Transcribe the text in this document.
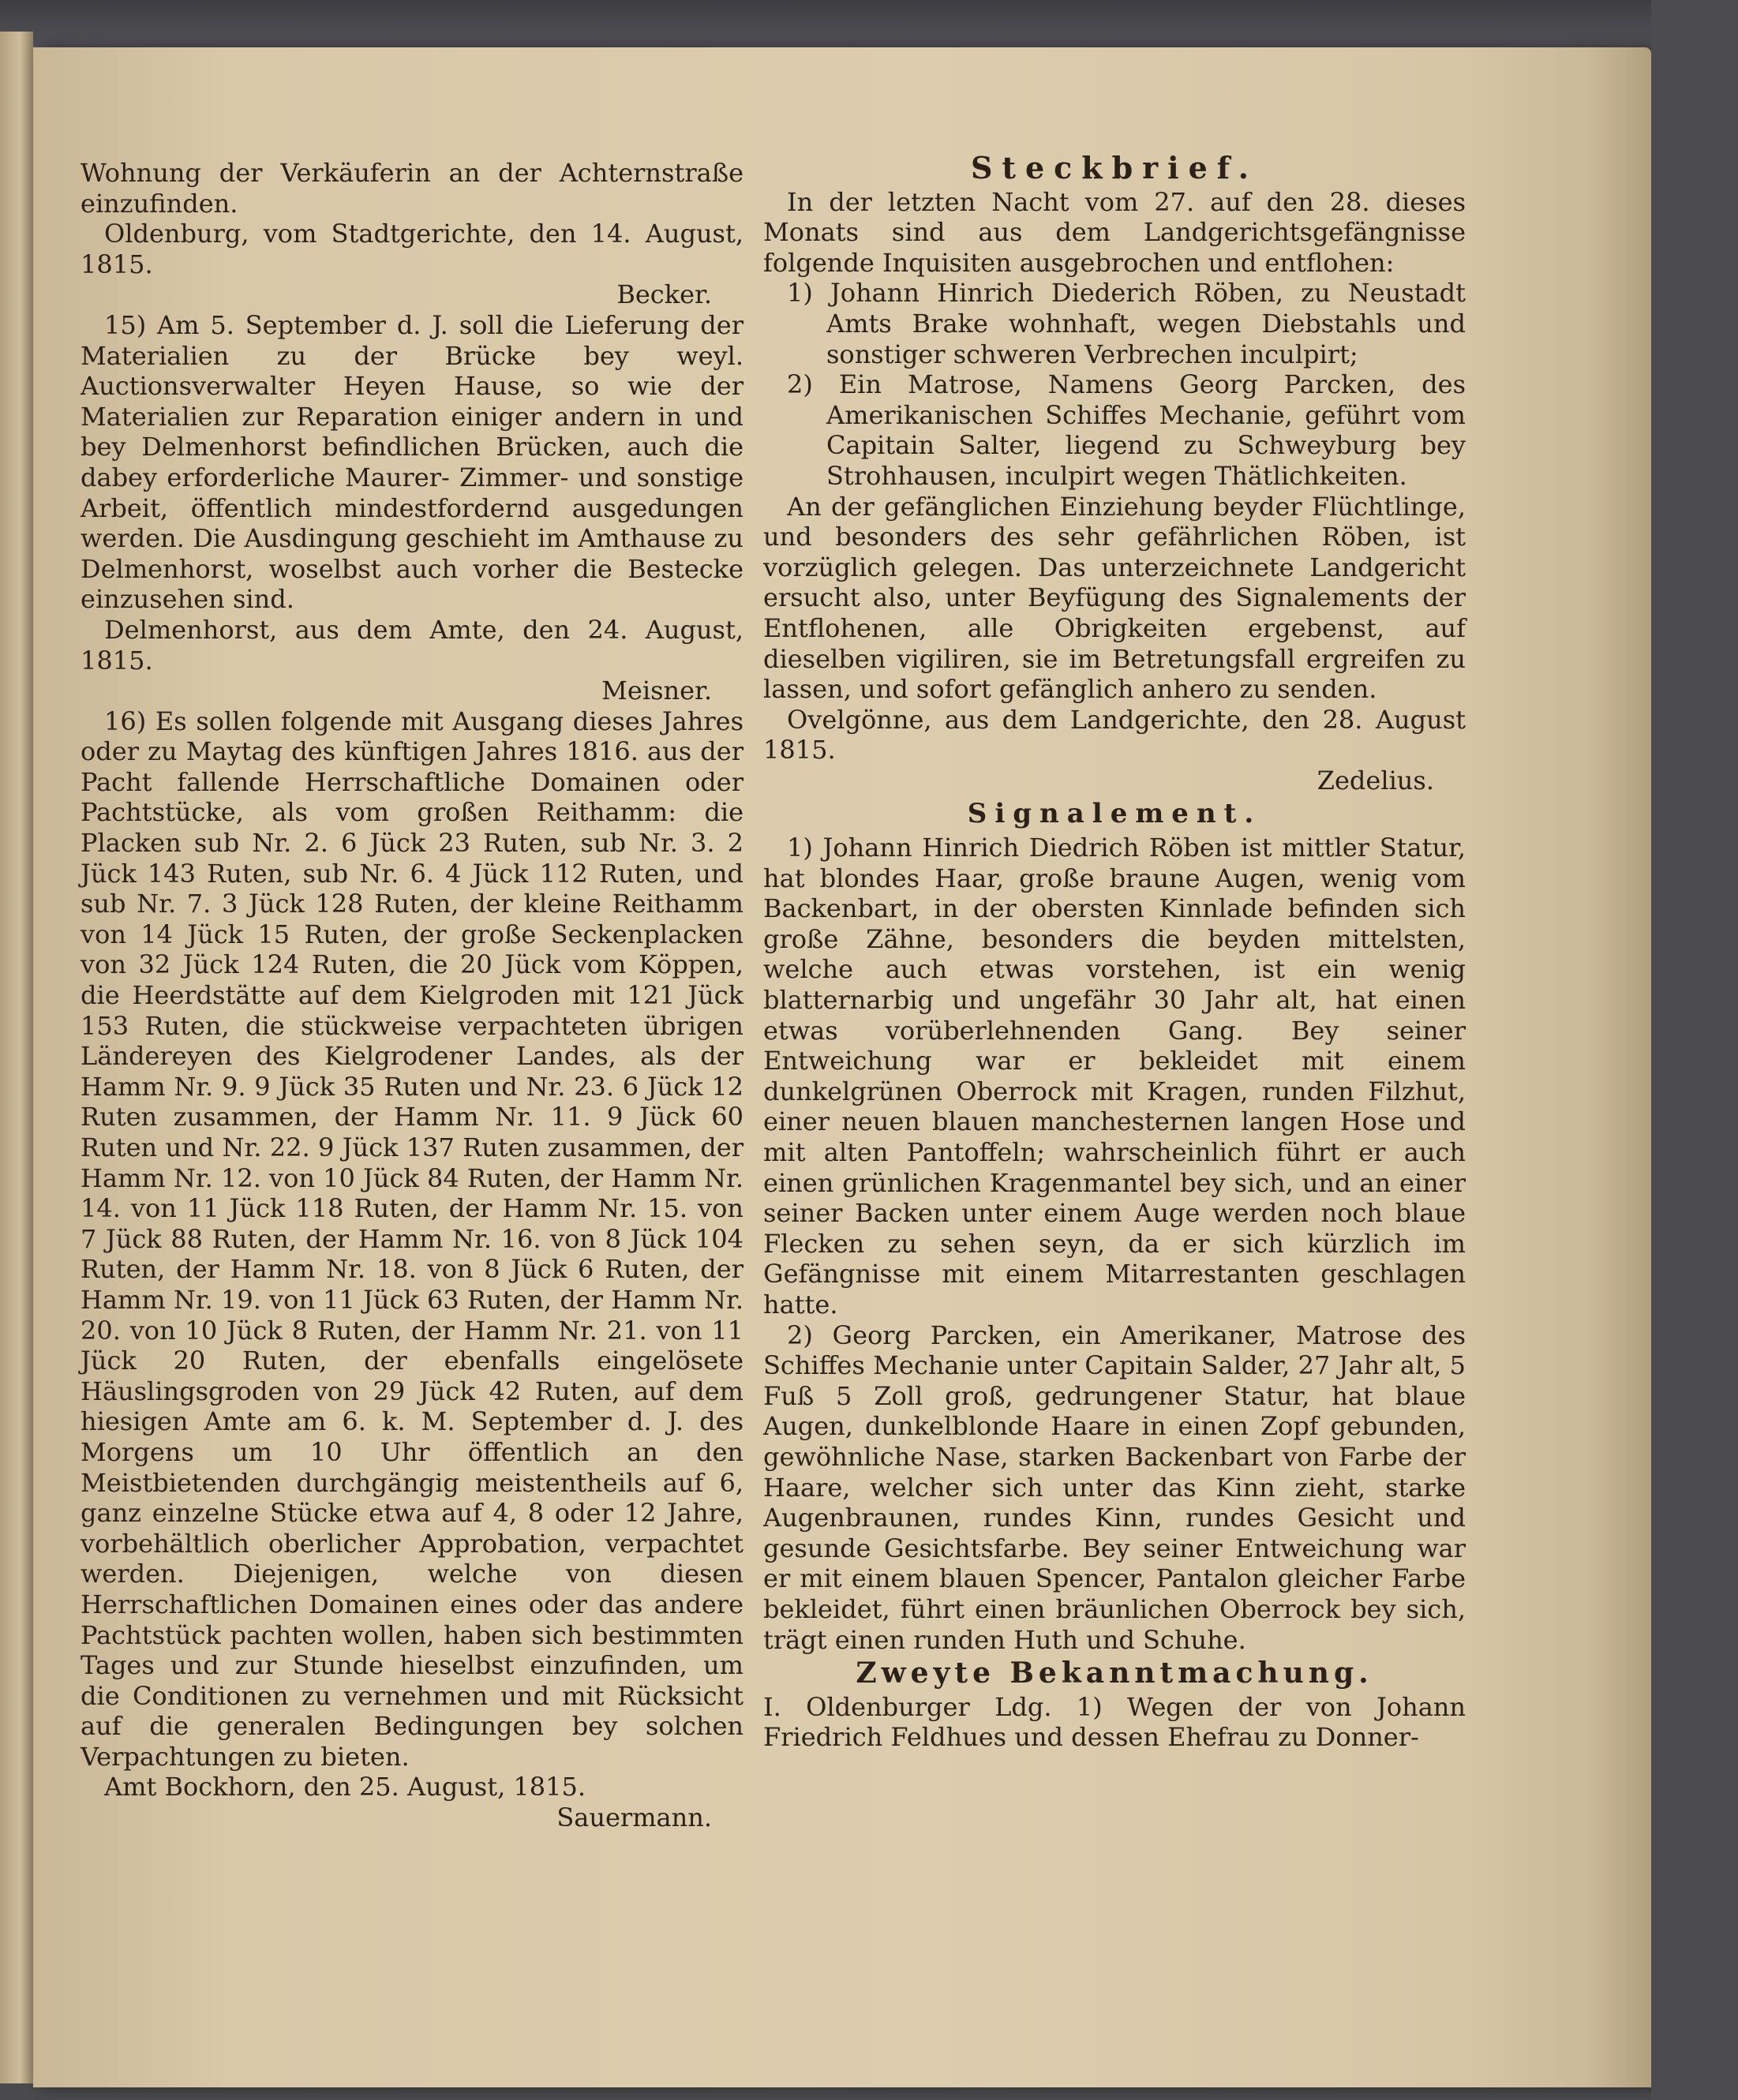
Wohnung der Verkäuferin an der Achternstraße einzufinden.

Oldenburg, vom Stadtgerichte, den 14. August, 1815.

Becker.

15) Am 5. September d. J. soll die Lieferung der Materialien zu der Brücke bey weyl. Auctionsverwalter Heyen Hause, so wie der Materialien zur Reparation einiger andern in und bey Delmenhorst befindlichen Brücken, auch die dabey erforderliche Maurer- Zimmer- und sonstige Arbeit, öffentlich mindestfordernd ausgedungen werden. Die Ausdingung geschieht im Amthause zu Delmenhorst, woselbst auch vorher die Bestecke einzusehen sind.

Delmenhorst, aus dem Amte, den 24. August, 1815.

Meisner.

16) Es sollen folgende mit Ausgang dieses Jahres oder zu Maytag des künftigen Jahres 1816. aus der Pacht fallende Herrschaftliche Domainen oder Pachtstücke, als vom großen Reithamm: die Placken sub Nr. 2. 6 Jück 23 Ruten, sub Nr. 3. 2 Jück 143 Ruten, sub Nr. 6. 4 Jück 112 Ruten, und sub Nr. 7. 3 Jück 128 Ruten, der kleine Reithamm von 14 Jück 15 Ruten, der große Seckenplacken von 32 Jück 124 Ruten, die 20 Jück vom Köppen, die Heerdstätte auf dem Kielgroden mit 121 Jück 153 Ruten, die stückweise verpachteten übrigen Ländereyen des Kielgrodener Landes, als der Hamm Nr. 9. 9 Jück 35 Ruten und Nr. 23. 6 Jück 12 Ruten zusammen, der Hamm Nr. 11. 9 Jück 60 Ruten und Nr. 22. 9 Jück 137 Ruten zusammen, der Hamm Nr. 12. von 10 Jück 84 Ruten, der Hamm Nr. 14. von 11 Jück 118 Ruten, der Hamm Nr. 15. von 7 Jück 88 Ruten, der Hamm Nr. 16. von 8 Jück 104 Ruten, der Hamm Nr. 18. von 8 Jück 6 Ruten, der Hamm Nr. 19. von 11 Jück 63 Ruten, der Hamm Nr. 20. von 10 Jück 8 Ruten, der Hamm Nr. 21. von 11 Jück 20 Ruten, der ebenfalls eingelösete Häuslingsgroden von 29 Jück 42 Ruten, auf dem hiesigen Amte am 6. k. M. September d. J. des Morgens um 10 Uhr öffentlich an den Meistbietenden durchgängig meistentheils auf 6, ganz einzelne Stücke etwa auf 4, 8 oder 12 Jahre, vorbehältlich oberlicher Approbation, verpachtet werden. Diejenigen, welche von diesen Herrschaftlichen Domainen eines oder das andere Pachtstück pachten wollen, haben sich bestimmten Tages und zur Stunde hieselbst einzufinden, um die Conditionen zu vernehmen und mit Rücksicht auf die generalen Bedingungen bey solchen Verpachtungen zu bieten.

Amt Bockhorn, den 25. August, 1815.

Sauermann.

Steckbrief.

In der letzten Nacht vom 27. auf den 28. dieses Monats sind aus dem Landgerichtsgefängnisse folgende Inquisiten ausgebrochen und entflohen:

1) Johann Hinrich Diederich Röben, zu Neustadt Amts Brake wohnhaft, wegen Diebstahls und sonstiger schweren Verbrechen inculpirt;

2) Ein Matrose, Namens Georg Parcken, des Amerikanischen Schiffes Mechanie, geführt vom Capitain Salter, liegend zu Schweyburg bey Strohhausen, inculpirt wegen Thätlichkeiten.

An der gefänglichen Einziehung beyder Flüchtlinge, und besonders des sehr gefährlichen Röben, ist vorzüglich gelegen. Das unterzeichnete Landgericht ersucht also, unter Beyfügung des Signalements der Entflohenen, alle Obrigkeiten ergebenst, auf dieselben vigiliren, sie im Betretungsfall ergreifen zu lassen, und sofort gefänglich anhero zu senden.

Ovelgönne, aus dem Landgerichte, den 28. August 1815.

Zedelius.

Signalement.

1) Johann Hinrich Diedrich Röben ist mittler Statur, hat blondes Haar, große braune Augen, wenig vom Backenbart, in der obersten Kinnlade befinden sich große Zähne, besonders die beyden mittelsten, welche auch etwas vorstehen, ist ein wenig blatternarbig und ungefähr 30 Jahr alt, hat einen etwas vorüberlehnenden Gang. Bey seiner Entweichung war er bekleidet mit einem dunkelgrünen Oberrock mit Kragen, runden Filzhut, einer neuen blauen manchesternen langen Hose und mit alten Pantoffeln; wahrscheinlich führt er auch einen grünlichen Kragenmantel bey sich, und an einer seiner Backen unter einem Auge werden noch blaue Flecken zu sehen seyn, da er sich kürzlich im Gefängnisse mit einem Mitarrestanten geschlagen hatte.

2) Georg Parcken, ein Amerikaner, Matrose des Schiffes Mechanie unter Capitain Salder, 27 Jahr alt, 5 Fuß 5 Zoll groß, gedrungener Statur, hat blaue Augen, dunkelblonde Haare in einen Zopf gebunden, gewöhnliche Nase, starken Backenbart von Farbe der Haare, welcher sich unter das Kinn zieht, starke Augenbraunen, rundes Kinn, rundes Gesicht und gesunde Gesichtsfarbe. Bey seiner Entweichung war er mit einem blauen Spencer, Pantalon gleicher Farbe bekleidet, führt einen bräunlichen Oberrock bey sich, trägt einen runden Huth und Schuhe.

Zweyte Bekanntmachung.

I. Oldenburger Ldg. 1) Wegen der von Johann Friedrich Feldhues und dessen Ehefrau zu Donner-
